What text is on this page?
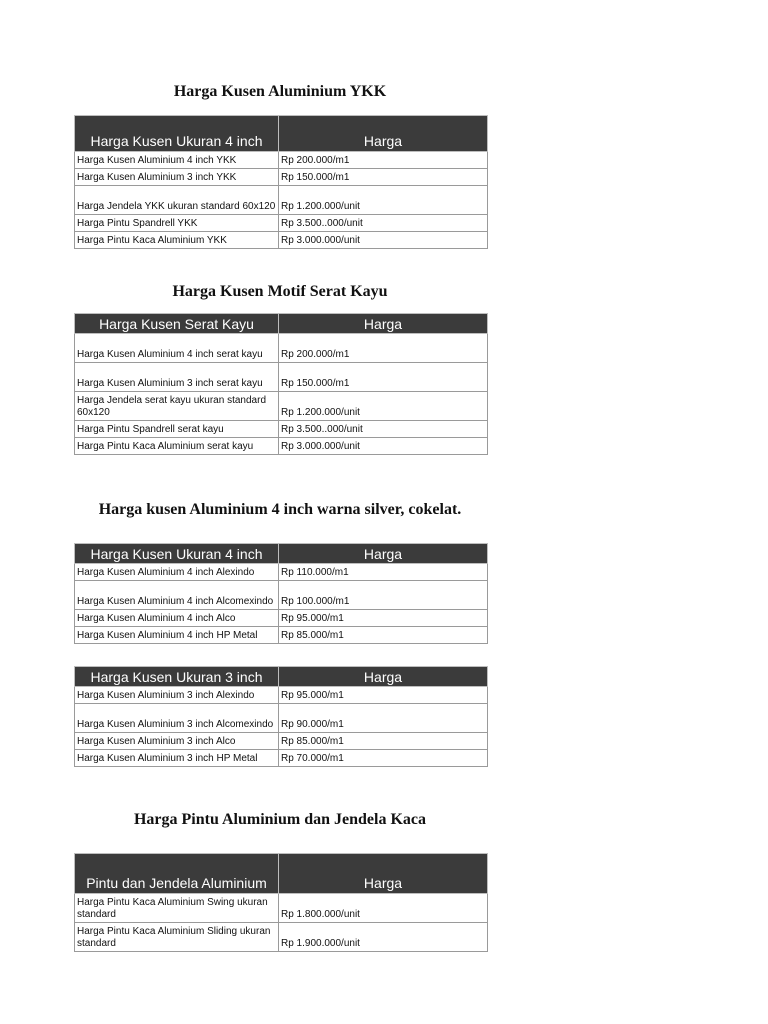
Harga Kusen Aluminium YKK
Harga Kusen Ukuran 4 inch	Harga
Harga Kusen Aluminium 4 inch YKK	Rp 200.000/m1
Harga Kusen Aluminium 3 inch YKK	Rp 150.000/m1
Harga Jendela YKK ukuran standard 60x120	Rp 1.200.000/unit
Harga Pintu Spandrell YKK	Rp 3.500..000/unit
Harga Pintu Kaca Aluminium YKK	Rp 3.000.000/unit
Harga Kusen Motif Serat Kayu
Harga Kusen Serat Kayu	Harga
Harga Kusen Aluminium 4 inch serat kayu	Rp 200.000/m1
Harga Kusen Aluminium 3 inch serat kayu	Rp 150.000/m1
Harga Jendela serat kayu ukuran standard 60x120	Rp 1.200.000/unit
Harga Pintu Spandrell serat kayu	Rp 3.500..000/unit
Harga Pintu Kaca Aluminium serat kayu	Rp 3.000.000/unit
Harga kusen Aluminium 4 inch warna silver, cokelat.
Harga Kusen Ukuran 4 inch	Harga
Harga Kusen Aluminium 4 inch Alexindo	Rp 110.000/m1
Harga Kusen Aluminium 4 inch Alcomexindo	Rp 100.000/m1
Harga Kusen Aluminium 4 inch Alco	Rp 95.000/m1
Harga Kusen Aluminium 4 inch HP Metal	Rp 85.000/m1
Harga Kusen Ukuran 3 inch	Harga
Harga Kusen Aluminium 3 inch Alexindo	Rp 95.000/m1
Harga Kusen Aluminium 3 inch Alcomexindo	Rp 90.000/m1
Harga Kusen Aluminium 3 inch Alco	Rp 85.000/m1
Harga Kusen Aluminium 3 inch HP Metal	Rp 70.000/m1
Harga Pintu Aluminium dan Jendela Kaca
Pintu dan Jendela Aluminium	Harga
Harga Pintu Kaca Aluminium Swing ukuran standard	Rp 1.800.000/unit
Harga Pintu Kaca Aluminium Sliding ukuran standard	Rp 1.900.000/unit
